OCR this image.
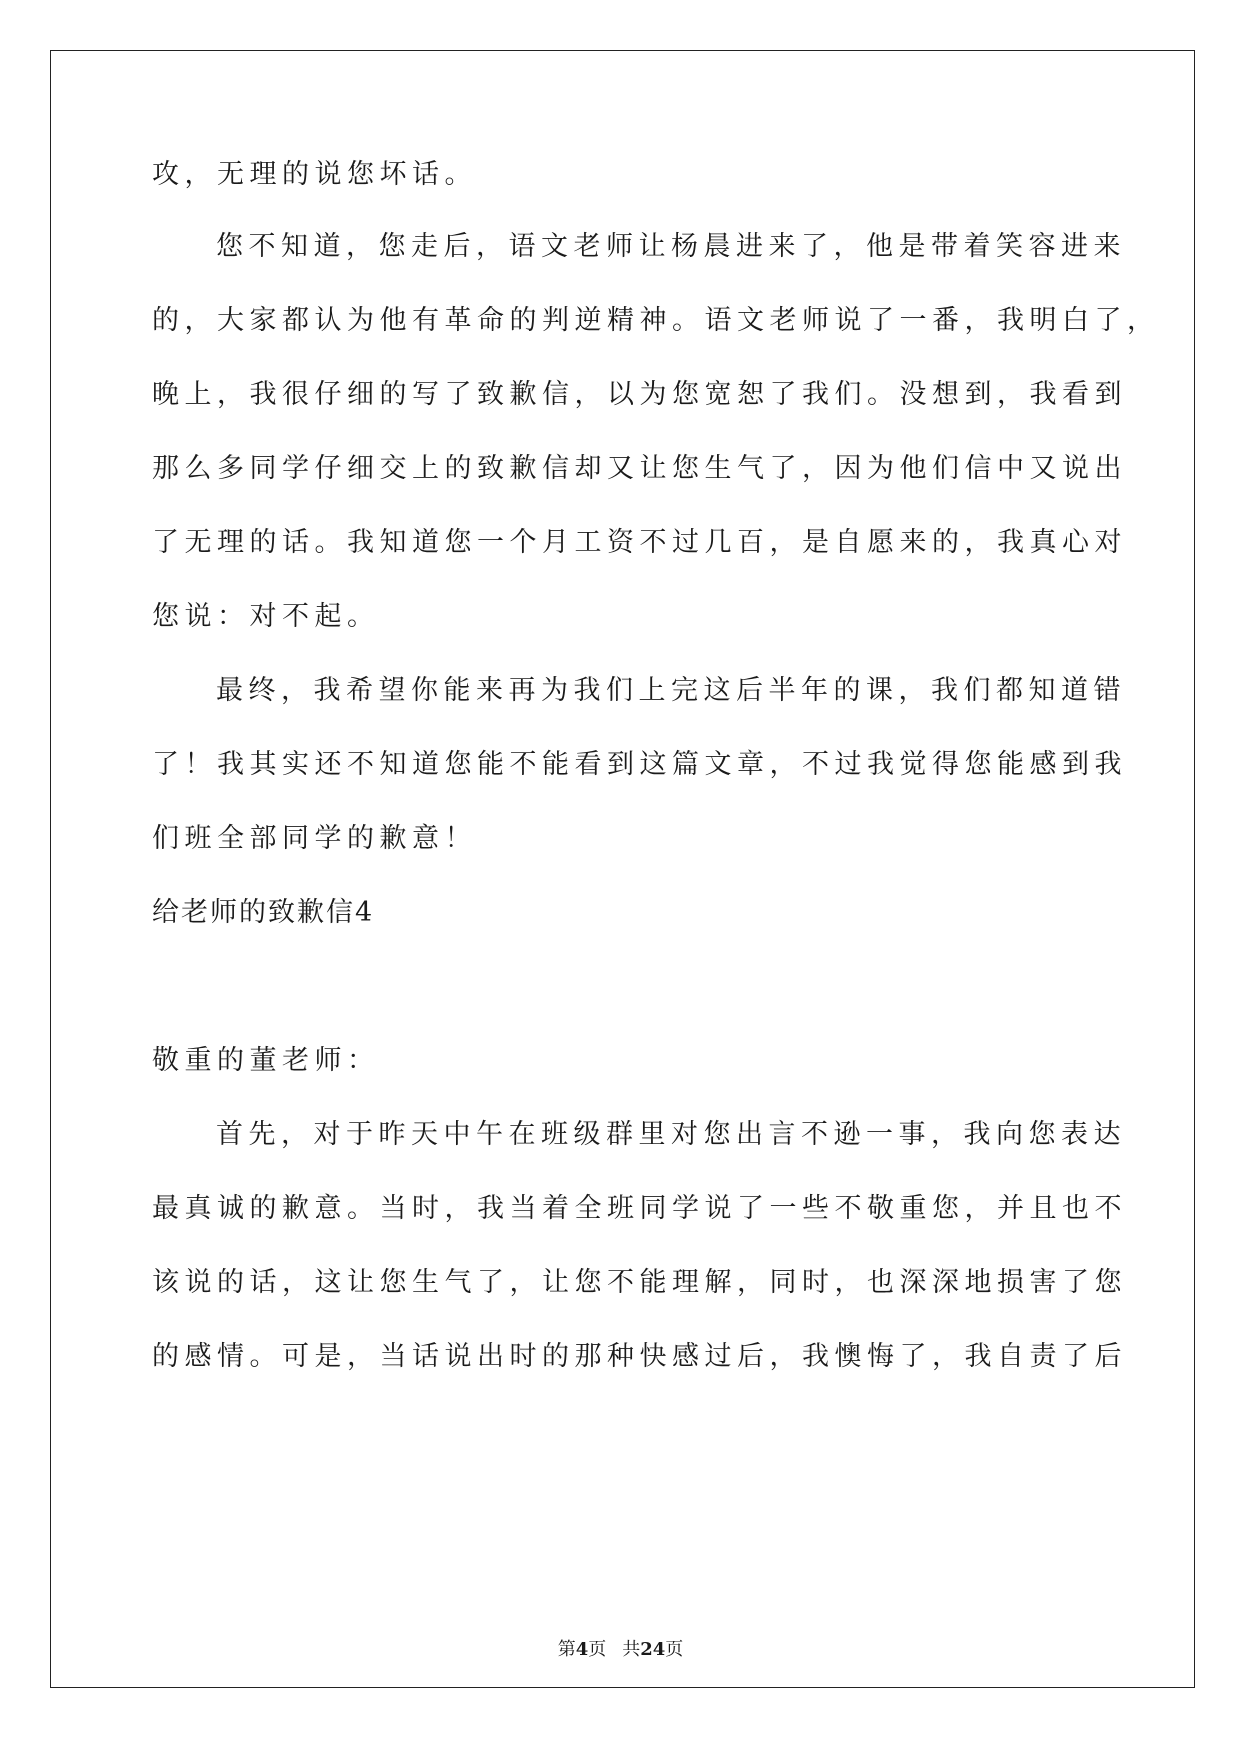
攻，无理的说您坏话。
您不知道，您走后，语文老师让杨晨进来了，他是带着笑容进来
的，大家都认为他有革命的判逆精神。语文老师说了一番，我明白了，
晚上，我很仔细的写了致歉信，以为您宽恕了我们。没想到，我看到
那么多同学仔细交上的致歉信却又让您生气了，因为他们信中又说出
了无理的话。我知道您一个月工资不过几百，是自愿来的，我真心对
您说：对不起。
最终，我希望你能来再为我们上完这后半年的课，我们都知道错
了！我其实还不知道您能不能看到这篇文章，不过我觉得您能感到我
们班全部同学的歉意！
给老师的致歉信4
敬重的董老师：
首先，对于昨天中午在班级群里对您出言不逊一事，我向您表达
最真诚的歉意。当时，我当着全班同学说了一些不敬重您，并且也不
该说的话，这让您生气了，让您不能理解，同时，也深深地损害了您
的感情。可是，当话说出时的那种快感过后，我懊悔了，我自责了后
第4页 共24页
